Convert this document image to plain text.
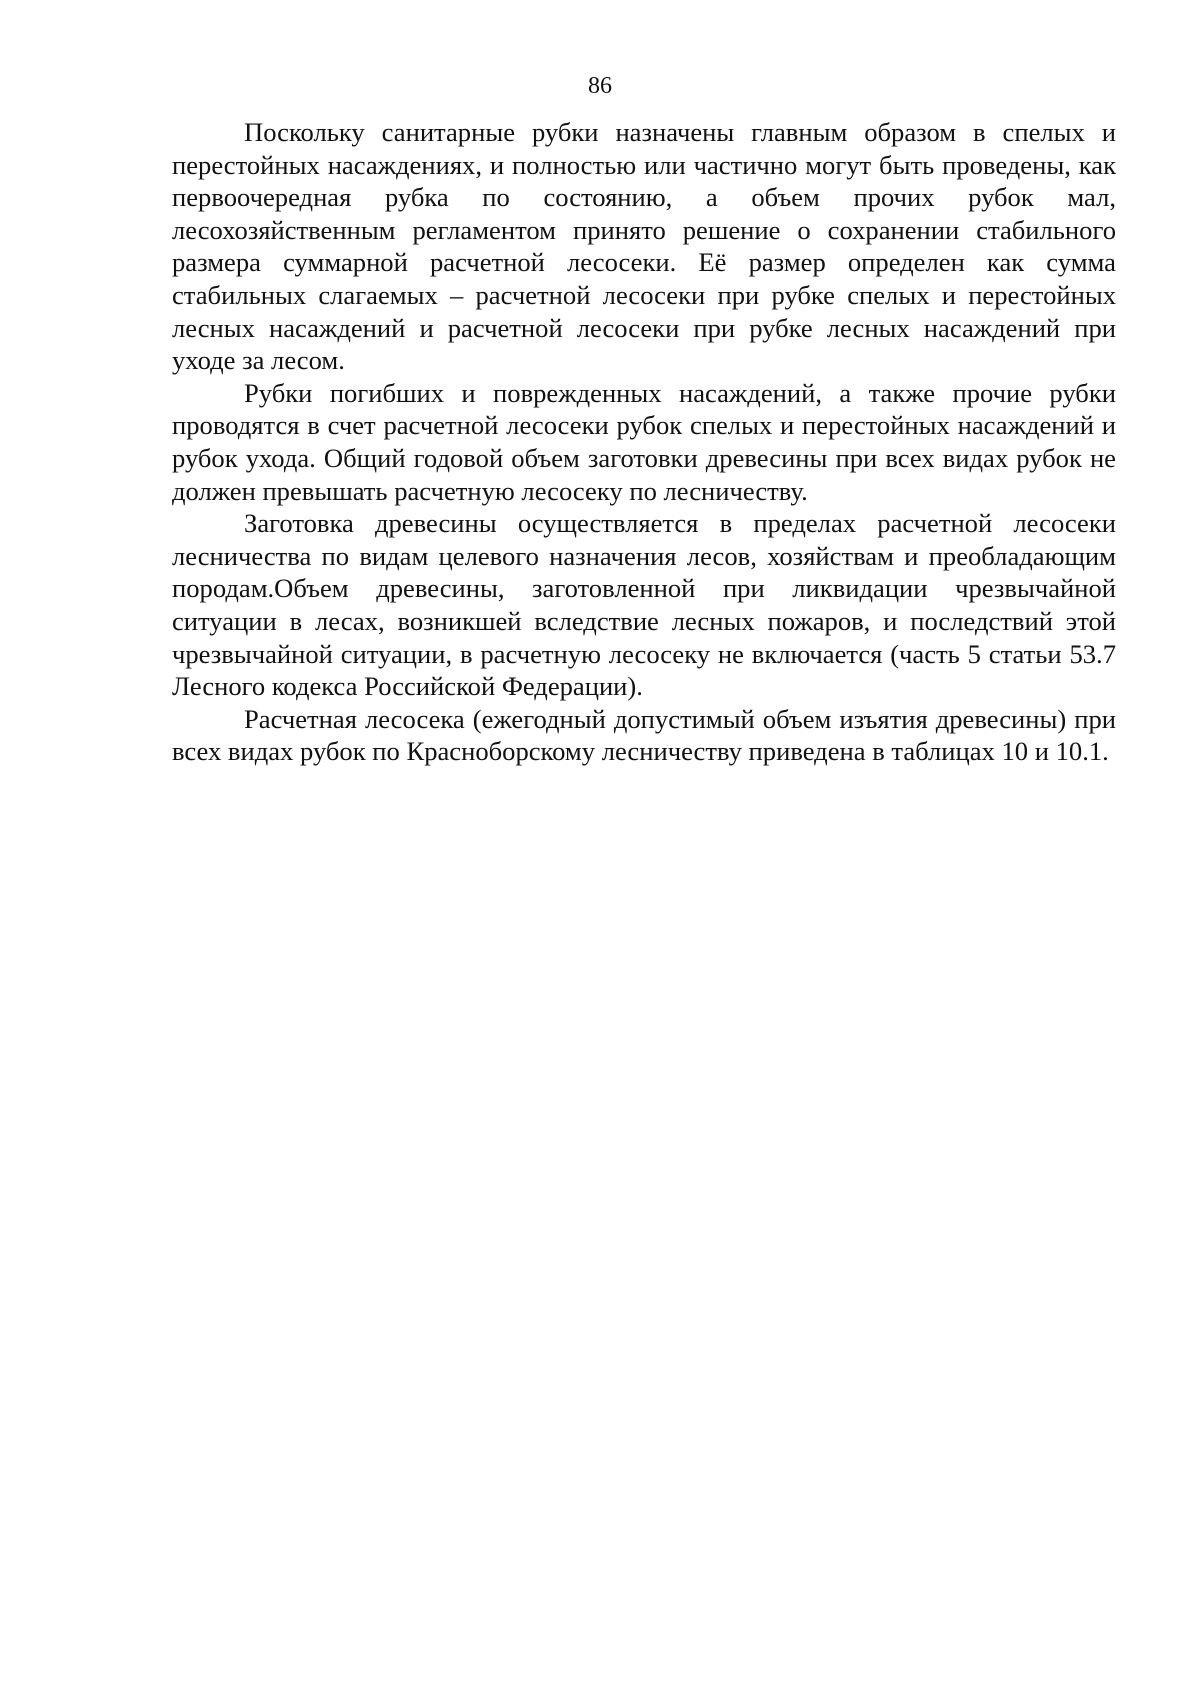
86

Поскольку санитарные рубки назначены главным образом в спелых и перестойных насаждениях, и полностью или частично могут быть проведены, как первоочередная рубка по состоянию, а объем прочих рубок мал, лесохозяйственным регламентом принято решение о сохранении стабильного размера суммарной расчетной лесосеки. Её размер определен как сумма стабильных слагаемых – расчетной лесосеки при рубке спелых и перестойных лесных насаждений и расчетной лесосеки при рубке лесных насаждений при уходе за лесом.

Рубки погибших и поврежденных насаждений, а также прочие рубки проводятся в счет расчетной лесосеки рубок спелых и перестойных насаждений и рубок ухода. Общий годовой объем заготовки древесины при всех видах рубок не должен превышать расчетную лесосеку по лесничеству.

Заготовка древесины осуществляется в пределах расчетной лесосеки лесничества по видам целевого назначения лесов, хозяйствам и преобладающим породам.Объем древесины, заготовленной при ликвидации чрезвычайной ситуации в лесах, возникшей вследствие лесных пожаров, и последствий этой чрезвычайной ситуации, в расчетную лесосеку не включается (часть 5 статьи 53.7 Лесного кодекса Российской Федерации).

Расчетная лесосека (ежегодный допустимый объем изъятия древесины) при всех видах рубок по Красноборскому лесничеству приведена в таблицах 10 и 10.1.
